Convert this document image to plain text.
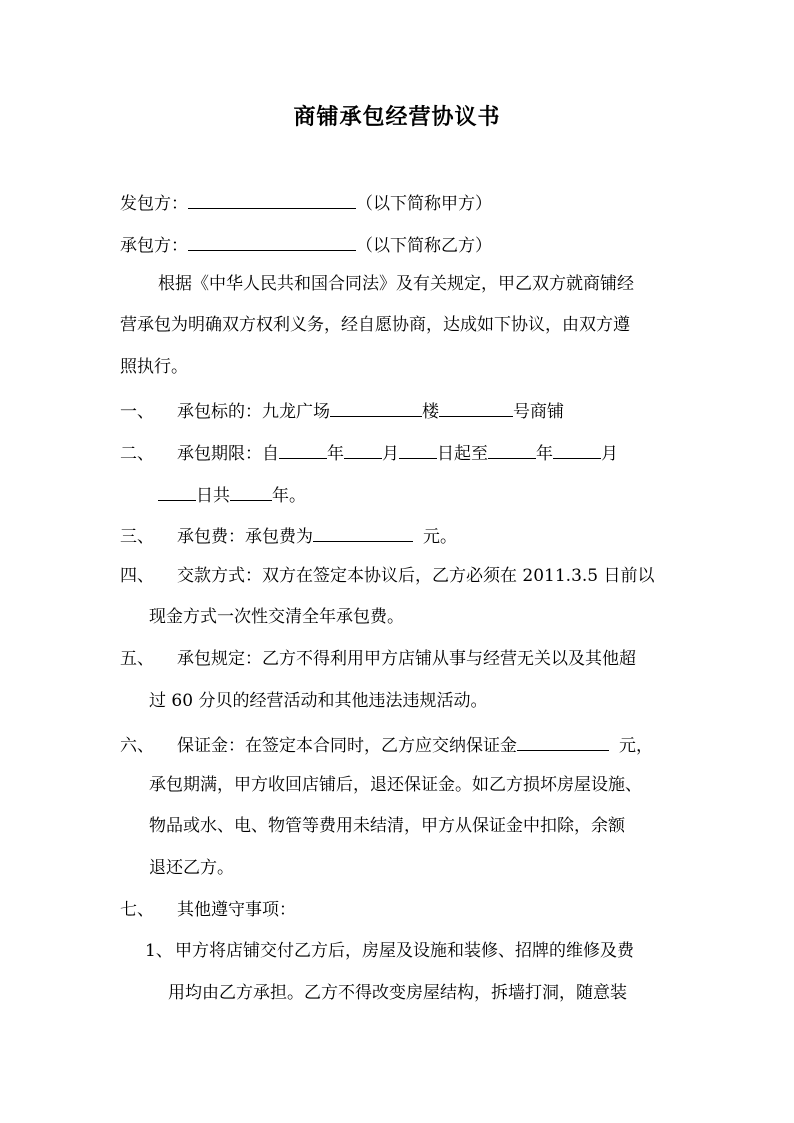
商铺承包经营协议书
发包方：	（以下简称甲方）
承包方：	（以下简称乙方）
根据《中华人民共和国合同法》及有关规定，甲乙双方就商铺经
营承包为明确双方权利义务，经自愿协商，达成如下协议，由双方遵
照执行。
一、 承包标的：九龙广场	楼	号商铺
二、 承包期限：自	年 月 日起至	年	月
日共 年。
三、 承包费：承包费为	元。
四、 交款方式：双方在签定本协议后，乙方必须在 2011.3.5 日前以
现金方式一次性交清全年承包费。
五、 承包规定：乙方不得利用甲方店铺从事与经营无关以及其他超
过 60 分贝的经营活动和其他违法违规活动。
六、 保证金：在签定本合同时，乙方应交纳保证金	元，
承包期满，甲方收回店铺后，退还保证金。如乙方损坏房屋设施、
物品或水、电、物管等费用未结清，甲方从保证金中扣除，余额
退还乙方。
七、 其他遵守事项：
1、 甲方将店铺交付乙方后，房屋及设施和装修、招牌的维修及费
用均由乙方承担。乙方不得改变房屋结构，拆墙打洞，随意装
